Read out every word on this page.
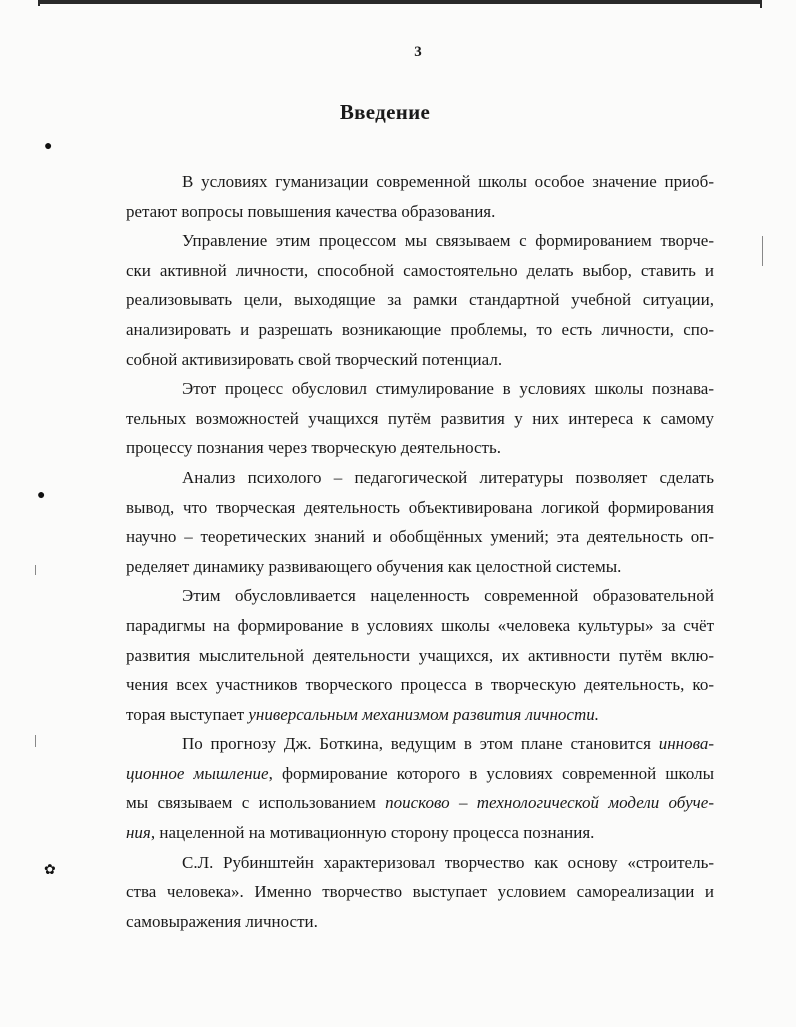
●
●
✿
3
Введение
В условиях гуманизации современной школы особое значение приоб-
ретают вопросы повышения качества образования.
Управление этим процессом мы связываем с формированием творче-
ски активной личности, способной самостоятельно делать выбор, ставить и
реализовывать цели, выходящие за рамки стандартной учебной ситуации,
анализировать и разрешать возникающие проблемы, то есть личности, спо-
собной активизировать свой творческий потенциал.
Этот процесс обусловил стимулирование в условиях школы познава-
тельных возможностей учащихся путём развития у них интереса к самому
процессу познания через творческую деятельность.
Анализ психолого – педагогической литературы позволяет сделать
вывод, что творческая деятельность объективирована логикой формирования
научно – теоретических знаний и обобщённых умений; эта деятельность оп-
ределяет динамику развивающего обучения как целостной системы.
Этим обусловливается нацеленность современной образовательной
парадигмы на формирование в условиях школы «человека культуры» за счёт
развития мыслительной деятельности учащихся, их активности путём вклю-
чения всех участников творческого процесса в творческую деятельность, ко-
торая выступает универсальным механизмом развития личности.
По прогнозу Дж. Боткина, ведущим в этом плане становится иннова-
ционное мышление, формирование которого в условиях современной школы
мы связываем с использованием поисково – технологической модели обуче-
ния, нацеленной на мотивационную сторону процесса познания.
С.Л. Рубинштейн характеризовал творчество как основу «строитель-
ства человека». Именно творчество выступает условием самореализации и
самовыражения личности.
